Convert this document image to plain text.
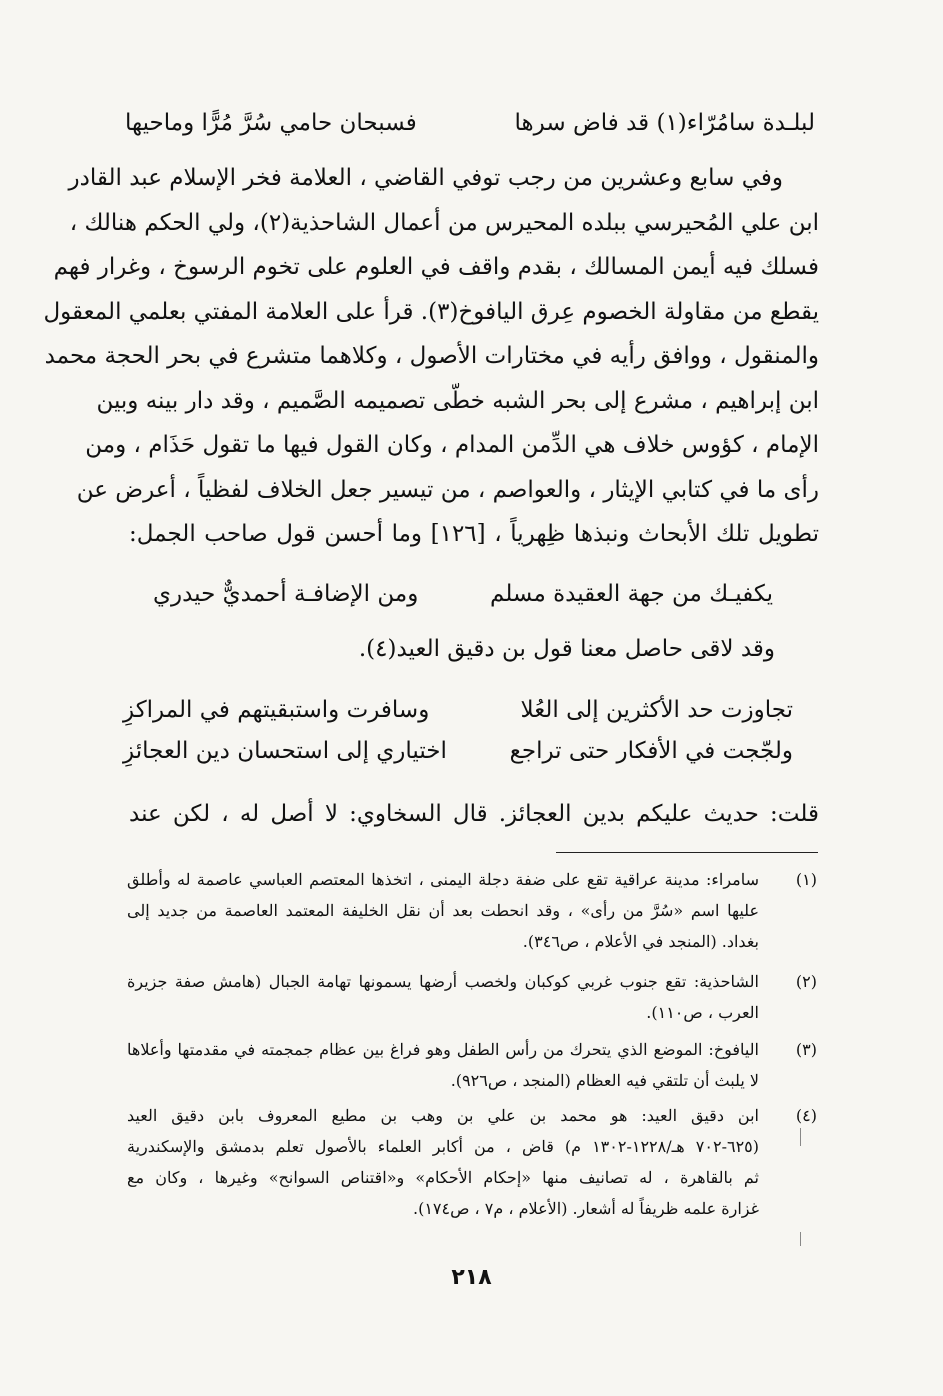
لبلـدة سامُرّاء(١) قد فاض سرها
فسبحان حامي سُرَّ مُرًّا وماحيها
وفي سابع وعشرين من رجب توفي القاضي ، العلامة فخر الإسلام عبد القادر
ابن علي المُحيرسي ببلده المحيرس من أعمال الشاحذية(٢)، ولي الحكم هنالك ،
فسلك فيه أيمن المسالك ، بقدم واقف في العلوم على تخوم الرسوخ ، وغرار فهم
يقطع من مقاولة الخصوم عِرق اليافوخ(٣). قرأ على العلامة المفتي بعلمي المعقول
والمنقول ، ووافق رأيه في مختارات الأصول ، وكلاهما متشرع في بحر الحجة محمد
ابن إبراهيم ، مشرع إلى بحر الشبه خطّى تصميمه الصَّميم ، وقد دار بينه وبين
الإمام ، كؤوس خلاف هي الدِّمن المدام ، وكان القول فيها ما تقول حَذَام ، ومن
رأى ما في كتابي الإيثار ، والعواصم ، من تيسير جعل الخلاف لفظياً ، أعرض عن
تطويل تلك الأبحاث ونبذها ظِهرياً ، [١٢٦] وما أحسن قول صاحب الجمل:
يكفيـك من جهة العقيدة مسلم
ومن الإضافـة أحمديٌّ حيدري
وقد لاقى حاصل معنا قول بن دقيق العيد(٤).
تجاوزت حد الأكثرين إلى العُلا
وسافرت واستبقيتهم في المراكزِ
ولجّجت في الأفكار حتى تراجع
اختياري إلى استحسان دين العجائزِ
قلت: حديث عليكم بدين العجائز. قال السخاوي: لا أصل له ، لكن عند
(١)
سامراء: مدينة عراقية تقع على ضفة دجلة اليمنى ، اتخذها المعتصم العباسي عاصمة له وأطلق
عليها اسم «سُرَّ من رأى» ، وقد انحطت بعد أن نقل الخليفة المعتمد العاصمة من جديد إلى
بغداد. (المنجد في الأعلام ، ص٣٤٦).
(٢)
الشاحذية: تقع جنوب غربي كوكبان ولخصب أرضها يسمونها تهامة الجبال (هامش صفة جزيرة
العرب ، ص١١٠).
(٣)
اليافوخ: الموضع الذي يتحرك من رأس الطفل وهو فراغ بين عظام جمجمته في مقدمتها وأعلاها
لا يلبث أن تلتقي فيه العظام (المنجد ، ص٩٢٦).
(٤)
ابن دقيق العيد: هو محمد بن علي بن وهب بن مطيع المعروف بابن دقيق العيد
(٦٢٥-٧٠٢ هـ/١٢٢٨-١٣٠٢ م) قاض ، من أكابر العلماء بالأصول تعلم بدمشق والإسكندرية
ثم بالقاهرة ، له تصانيف منها «إحكام الأحكام» و«اقتناص السوانح» وغيرها ، وكان مع
غزارة علمه ظريفاً له أشعار. (الأعلام ، م٧ ، ص١٧٤).
٢١٨
